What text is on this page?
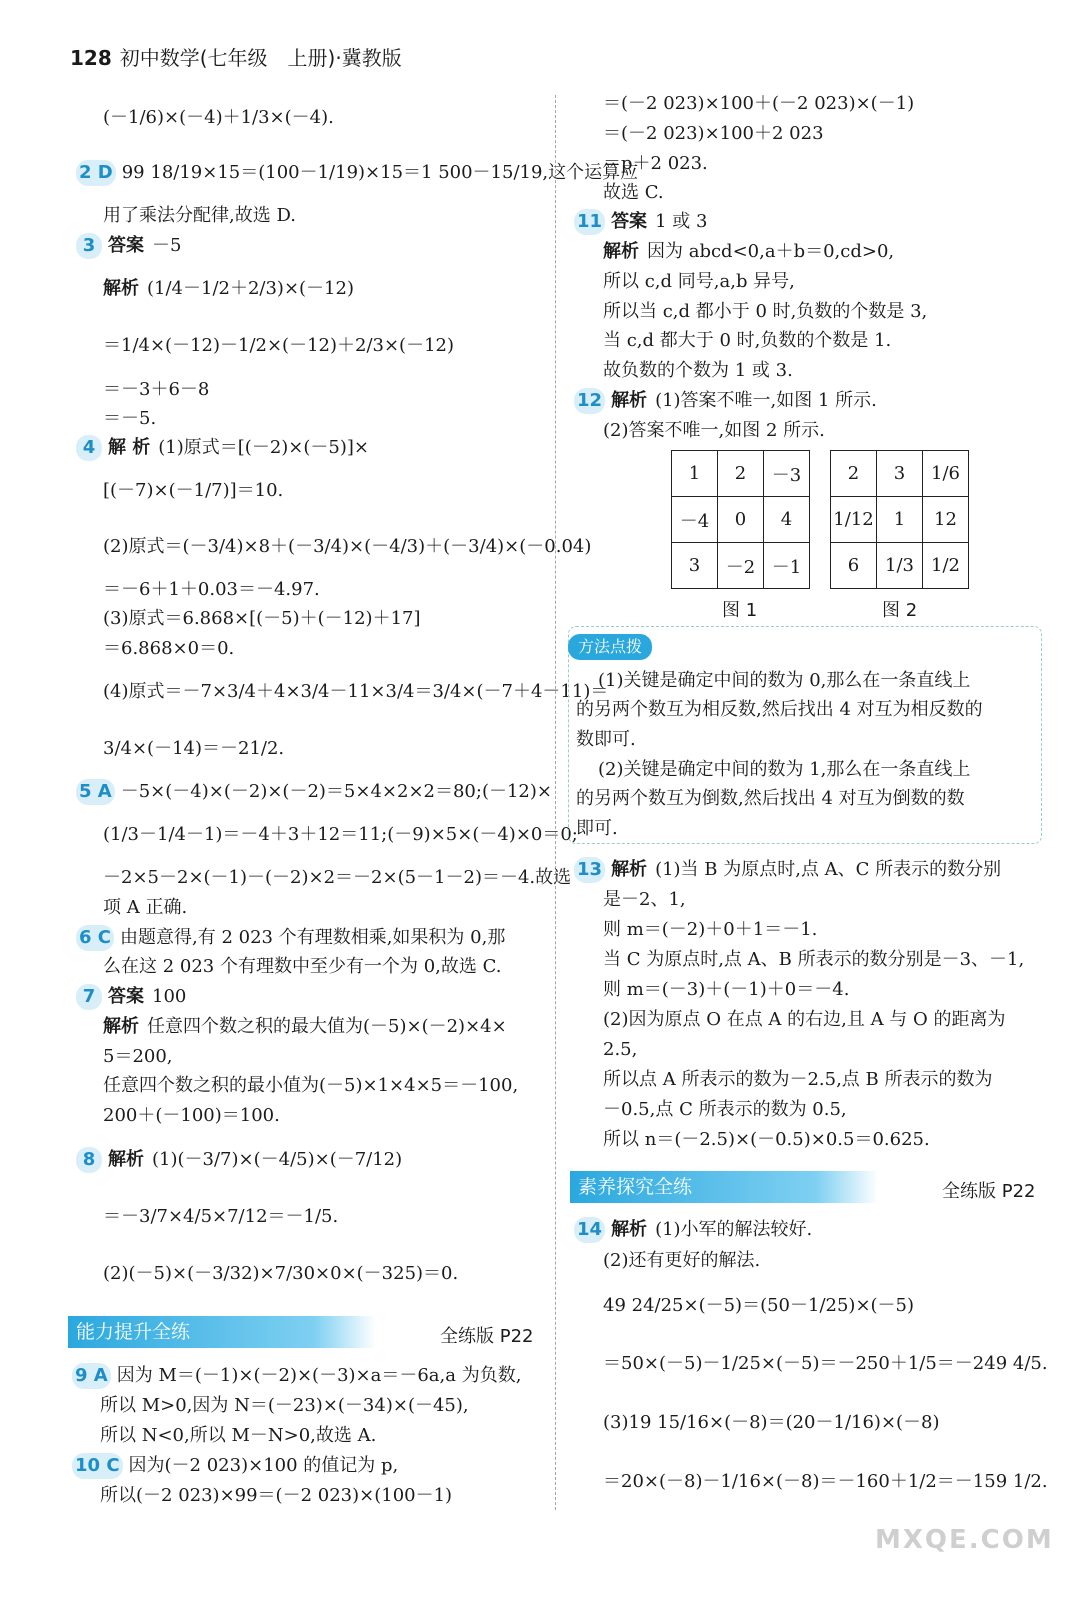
128 初中数学(七年级　上册)·冀教版
(－1/6)×(－4)＋1/3×(－4).
2 D 99 18/19×15＝(100－1/19)×15＝1 500－15/19,这个运算应
用了乘法分配律,故选 D.
3 答案 －5
解析 (1/4－1/2＋2/3)×(－12)
＝1/4×(－12)－1/2×(－12)＋2/3×(－12)
＝－3＋6－8
＝－5.
4 解 析 (1)原式＝[(－2)×(－5)]×
[(－7)×(－1/7)]＝10.
(2)原式＝(－3/4)×8＋(－3/4)×(－4/3)＋(－3/4)×(－0.04)
＝－6＋1＋0.03＝－4.97.
(3)原式＝6.868×[(－5)＋(－12)＋17]
＝6.868×0＝0.
(4)原式＝－7×3/4＋4×3/4－11×3/4＝3/4×(－7＋4－11)＝
3/4×(－14)＝－21/2.
5 A －5×(－4)×(－2)×(－2)＝5×4×2×2＝80;(－12)×
(1/3－1/4－1)＝－4＋3＋12＝11;(－9)×5×(－4)×0＝0;
－2×5－2×(－1)－(－2)×2＝－2×(5－1－2)＝－4.故选
项 A 正确.
6 C 由题意得,有 2 023 个有理数相乘,如果积为 0,那
么在这 2 023 个有理数中至少有一个为 0,故选 C.
7 答案 100
解析 任意四个数之积的最大值为(－5)×(－2)×4×
5＝200,
任意四个数之积的最小值为(－5)×1×4×5＝－100,
200＋(－100)＝100.
8 解析 (1)(－3/7)×(－4/5)×(－7/12)
＝－3/7×4/5×7/12＝－1/5.
(2)(－5)×(－3/32)×7/30×0×(－325)＝0.
能力提升全练	全练版 P22
9 A 因为 M＝(－1)×(－2)×(－3)×a＝－6a,a 为负数,
所以 M>0,因为 N＝(－23)×(－34)×(－45),
所以 N<0,所以 M－N>0,故选 A.
10 C 因为(－2 023)×100 的值记为 p,
所以(－2 023)×99＝(－2 023)×(100－1)
＝(－2 023)×100＋(－2 023)×(－1)
＝(－2 023)×100＋2 023
＝p＋2 023.
故选 C.
11 答案 1 或 3
解析 因为 abcd<0,a＋b＝0,cd>0,
所以 c,d 同号,a,b 异号,
所以当 c,d 都小于 0 时,负数的个数是 3,
当 c,d 都大于 0 时,负数的个数是 1.
故负数的个数为 1 或 3.
12 解析 (1)答案不唯一,如图 1 所示.
(2)答案不唯一,如图 2 所示.
1	2	－3
－4	0	4
3	－2	－1
2	3	1/6
1/12	1	12
6	1/3	1/2
图 1	图 2
方法点拨
(1)关键是确定中间的数为 0,那么在一条直线上
的另两个数互为相反数,然后找出 4 对互为相反数的
数即可.
(2)关键是确定中间的数为 1,那么在一条直线上
的另两个数互为倒数,然后找出 4 对互为倒数的数
即可.
13 解析 (1)当 B 为原点时,点 A、C 所表示的数分别
是－2、1,
则 m＝(－2)＋0＋1＝－1.
当 C 为原点时,点 A、B 所表示的数分别是－3、－1,
则 m＝(－3)＋(－1)＋0＝－4.
(2)因为原点 O 在点 A 的右边,且 A 与 O 的距离为
2.5,
所以点 A 所表示的数为－2.5,点 B 所表示的数为
－0.5,点 C 所表示的数为 0.5,
所以 n＝(－2.5)×(－0.5)×0.5＝0.625.
素养探究全练	全练版 P22
14 解析 (1)小军的解法较好.
(2)还有更好的解法.
49 24/25×(－5)＝(50－1/25)×(－5)
＝50×(－5)－1/25×(－5)＝－250＋1/5＝－249 4/5.
(3)19 15/16×(－8)＝(20－1/16)×(－8)
＝20×(－8)－1/16×(－8)＝－160＋1/2＝－159 1/2.
MXQE.COM
